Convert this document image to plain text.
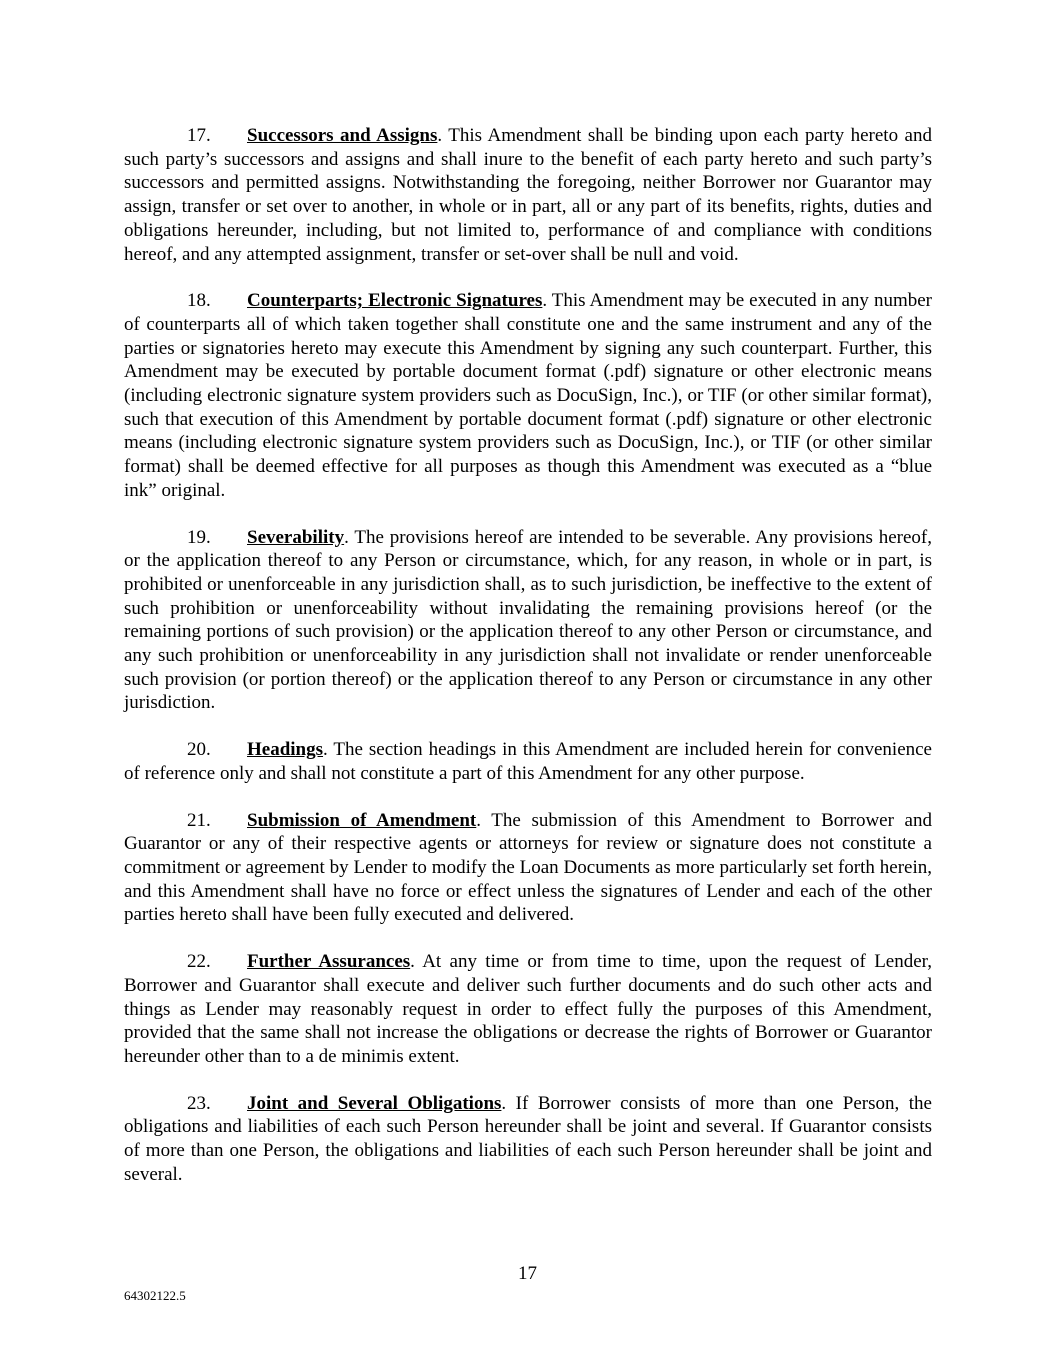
17. Successors and Assigns. This Amendment shall be binding upon each party hereto and such party’s successors and assigns and shall inure to the benefit of each party hereto and such party’s successors and permitted assigns. Notwithstanding the foregoing, neither Borrower nor Guarantor may assign, transfer or set over to another, in whole or in part, all or any part of its benefits, rights, duties and obligations hereunder, including, but not limited to, performance of and compliance with conditions hereof, and any attempted assignment, transfer or set-over shall be null and void.

18. Counterparts; Electronic Signatures. This Amendment may be executed in any number of counterparts all of which taken together shall constitute one and the same instrument and any of the parties or signatories hereto may execute this Amendment by signing any such counterpart. Further, this Amendment may be executed by portable document format (.pdf) signature or other electronic means (including electronic signature system providers such as DocuSign, Inc.), or TIF (or other similar format), such that execution of this Amendment by portable document format (.pdf) signature or other electronic means (including electronic signature system providers such as DocuSign, Inc.), or TIF (or other similar format) shall be deemed effective for all purposes as though this Amendment was executed as a “blue ink” original.

19. Severability. The provisions hereof are intended to be severable. Any provisions hereof, or the application thereof to any Person or circumstance, which, for any reason, in whole or in part, is prohibited or unenforceable in any jurisdiction shall, as to such jurisdiction, be ineffective to the extent of such prohibition or unenforceability without invalidating the remaining provisions hereof (or the remaining portions of such provision) or the application thereof to any other Person or circumstance, and any such prohibition or unenforceability in any jurisdiction shall not invalidate or render unenforceable such provision (or portion thereof) or the application thereof to any Person or circumstance in any other jurisdiction.

20. Headings. The section headings in this Amendment are included herein for convenience of reference only and shall not constitute a part of this Amendment for any other purpose.

21. Submission of Amendment. The submission of this Amendment to Borrower and Guarantor or any of their respective agents or attorneys for review or signature does not constitute a commitment or agreement by Lender to modify the Loan Documents as more particularly set forth herein, and this Amendment shall have no force or effect unless the signatures of Lender and each of the other parties hereto shall have been fully executed and delivered.

22. Further Assurances. At any time or from time to time, upon the request of Lender, Borrower and Guarantor shall execute and deliver such further documents and do such other acts and things as Lender may reasonably request in order to effect fully the purposes of this Amendment, provided that the same shall not increase the obligations or decrease the rights of Borrower or Guarantor hereunder other than to a de minimis extent.

23. Joint and Several Obligations. If Borrower consists of more than one Person, the obligations and liabilities of each such Person hereunder shall be joint and several. If Guarantor consists of more than one Person, the obligations and liabilities of each such Person hereunder shall be joint and several.

17
64302122.5
